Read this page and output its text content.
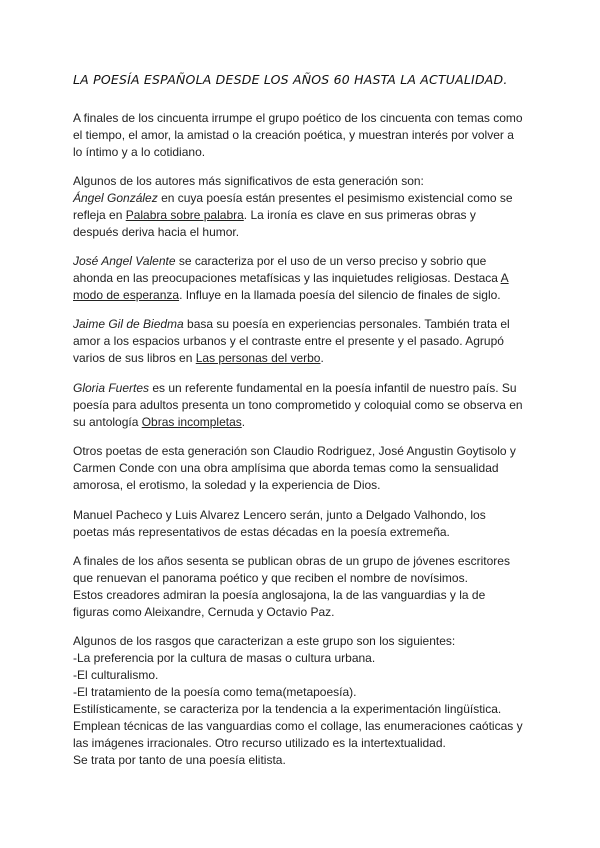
LA POESÍA ESPAÑOLA DESDE LOS AÑOS 60 HASTA LA ACTUALIDAD.

A finales de los cincuenta irrumpe el grupo poético de los cincuenta con temas como

el tiempo, el amor, la amistad o la creación poética, y muestran interés por volver a

lo íntimo y a lo cotidiano.

Algunos de los autores más significativos de esta generación son:

Ángel González en cuya poesía están presentes el pesimismo existencial como se

refleja en Palabra sobre palabra. La ironía es clave en sus primeras obras y

después deriva hacia el humor.

José Angel Valente se caracteriza por el uso de un verso preciso y sobrio que

ahonda en las preocupaciones metafísicas y las inquietudes religiosas. Destaca A

modo de esperanza. Influye en la llamada poesía del silencio de finales de siglo.

Jaime Gil de Biedma basa su poesía en experiencias personales. También trata el

amor a los espacios urbanos y el contraste entre el presente y el pasado. Agrupó

varios de sus libros en Las personas del verbo.

Gloria Fuertes es un referente fundamental en la poesía infantil de nuestro país. Su

poesía para adultos presenta un tono comprometido y coloquial como se observa en

su antología Obras incompletas.

Otros poetas de esta generación son Claudio Rodriguez, José Angustin Goytisolo y

Carmen Conde con una obra amplísima que aborda temas como la sensualidad

amorosa, el erotismo, la soledad y la experiencia de Dios.

Manuel Pacheco y Luis Alvarez Lencero serán, junto a Delgado Valhondo, los

poetas más representativos de estas décadas en la poesía extremeña.

A finales de los años sesenta se publican obras de un grupo de jóvenes escritores

que renuevan el panorama poético y que reciben el nombre de novísimos.

Estos creadores admiran la poesía anglosajona, la de las vanguardias y la de

figuras como Aleixandre, Cernuda y Octavio Paz.

Algunos de los rasgos que caracterizan a este grupo son los siguientes:

-La preferencia por la cultura de masas o cultura urbana.

-El culturalismo.

-El tratamiento de la poesía como tema(metapoesía).

Estilísticamente, se caracteriza por la tendencia a la experimentación lingüística.

Emplean técnicas de las vanguardias como el collage, las enumeraciones caóticas y

las imágenes irracionales. Otro recurso utilizado es la intertextualidad.

Se trata por tanto de una poesía elitista.
